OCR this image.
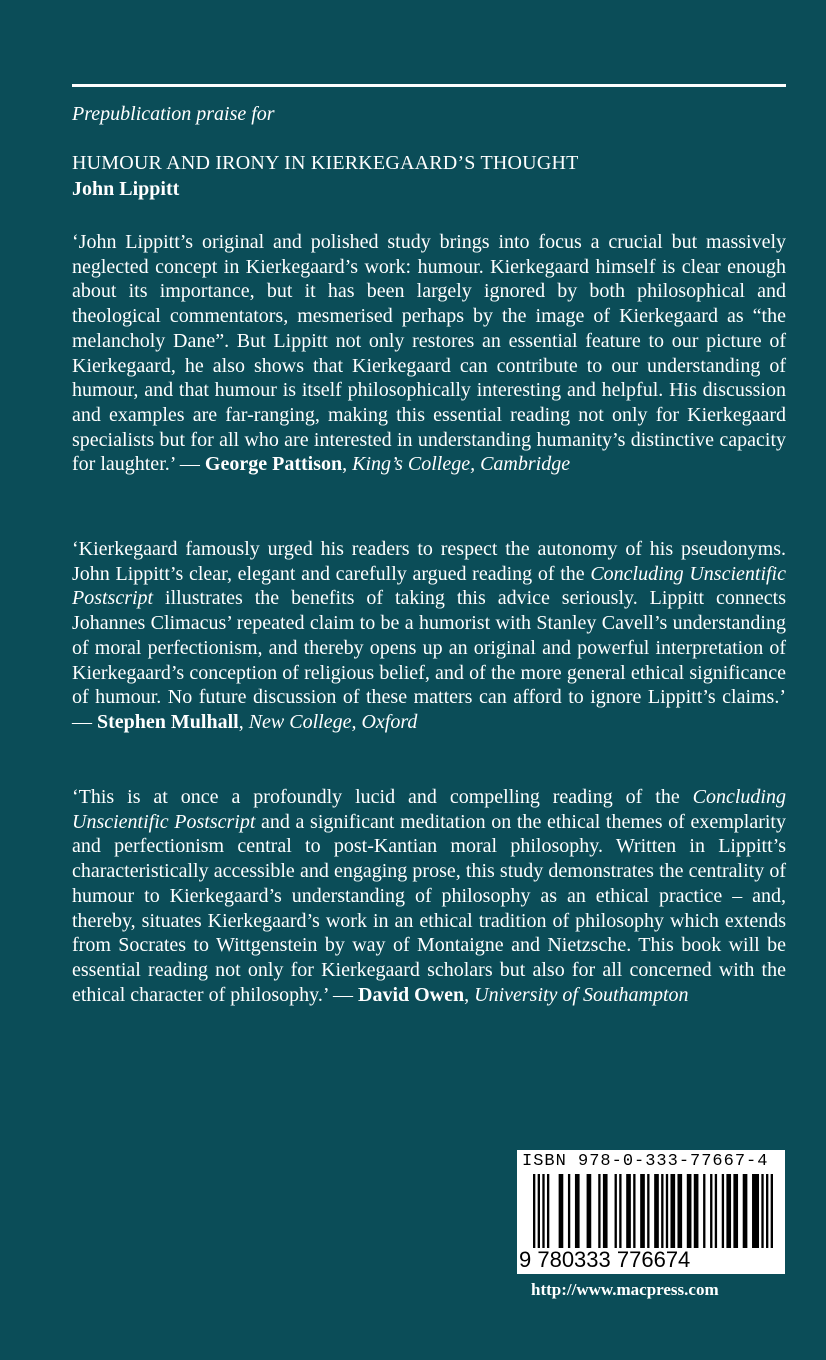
Prepublication praise for
HUMOUR AND IRONY IN KIERKEGAARD’S THOUGHT
John Lippitt
‘John Lippitt’s original and polished study brings into focus a crucial but massively neglected concept in Kierkegaard’s work: humour. Kierkegaard himself is clear enough about its importance, but it has been largely ignored by both philosophical and theological commentators, mesmerised perhaps by the image of Kierkegaard as “the melancholy Dane”. But Lippitt not only restores an essential feature to our picture of Kierkegaard, he also shows that Kierkegaard can contribute to our understanding of humour, and that humour is itself philosophically interesting and helpful. His discussion and examples are far-ranging, making this essential reading not only for Kierkegaard specialists but for all who are interested in understanding humanity’s distinctive capacity for laughter.’ — George Pattison, King’s College, Cambridge
‘Kierkegaard famously urged his readers to respect the autonomy of his pseudonyms. John Lippitt’s clear, elegant and carefully argued reading of the Concluding Unscientific Postscript illustrates the benefits of taking this advice seriously. Lippitt connects Johannes Climacus’ repeated claim to be a humorist with Stanley Cavell’s understanding of moral perfectionism, and thereby opens up an original and powerful interpretation of Kierkegaard’s conception of religious belief, and of the more general ethical significance of humour. No future discussion of these matters can afford to ignore Lippitt’s claims.’ — Stephen Mulhall, New College, Oxford
‘This is at once a profoundly lucid and compelling reading of the Concluding Unscientific Postscript and a significant meditation on the ethical themes of exemplarity and perfectionism central to post-Kantian moral philosophy. Written in Lippitt’s characteristically accessible and engaging prose, this study demonstrates the centrality of humour to Kierkegaard’s understanding of philosophy as an ethical practice – and, thereby, situates Kierkegaard’s work in an ethical tradition of philosophy which extends from Socrates to Wittgenstein by way of Montaigne and Nietzsche. This book will be essential reading not only for Kierkegaard scholars but also for all concerned with the ethical character of philosophy.’ — David Owen, University of Southampton
ISBN 978-0-333-77667-4
9 780333 776674
http://www.macpress.com
